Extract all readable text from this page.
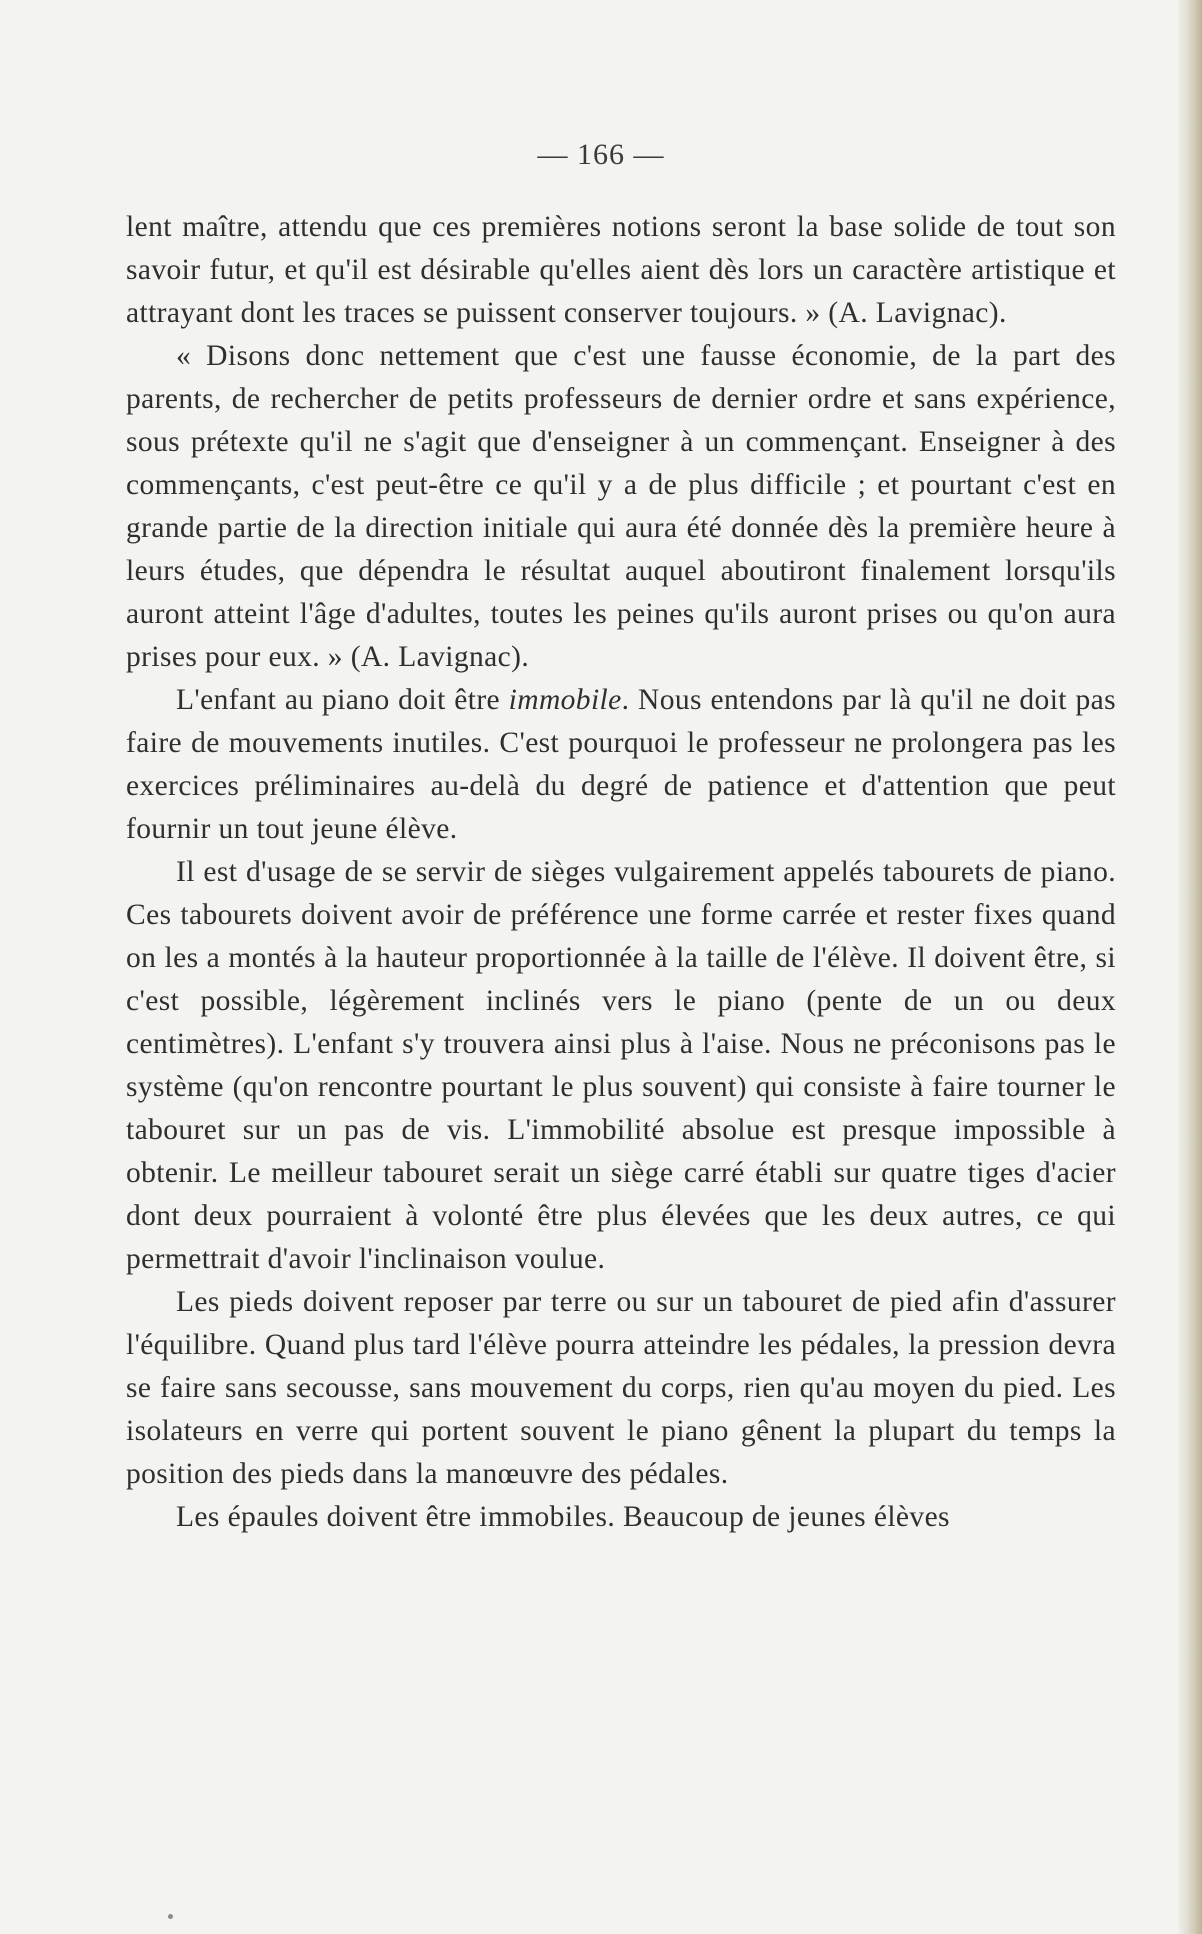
— 166 —

lent maître, attendu que ces premières notions seront la base solide de tout son savoir futur, et qu'il est désirable qu'elles aient dès lors un caractère artistique et attrayant dont les traces se puissent conserver toujours. » (A. Lavignac).

« Disons donc nettement que c'est une fausse économie, de la part des parents, de rechercher de petits professeurs de dernier ordre et sans expérience, sous prétexte qu'il ne s'agit que d'enseigner à un commençant. Enseigner à des commençants, c'est peut-être ce qu'il y a de plus difficile ; et pourtant c'est en grande partie de la direction initiale qui aura été donnée dès la première heure à leurs études, que dépendra le résultat auquel aboutiront finalement lorsqu'ils auront atteint l'âge d'adultes, toutes les peines qu'ils auront prises ou qu'on aura prises pour eux. » (A. Lavignac).

L'enfant au piano doit être immobile. Nous entendons par là qu'il ne doit pas faire de mouvements inutiles. C'est pourquoi le professeur ne prolongera pas les exercices préliminaires au-delà du degré de patience et d'attention que peut fournir un tout jeune élève.

Il est d'usage de se servir de sièges vulgairement appelés tabourets de piano. Ces tabourets doivent avoir de préférence une forme carrée et rester fixes quand on les a montés à la hauteur proportionnée à la taille de l'élève. Il doivent être, si c'est possible, légèrement inclinés vers le piano (pente de un ou deux centimètres). L'enfant s'y trouvera ainsi plus à l'aise. Nous ne préconisons pas le système (qu'on rencontre pourtant le plus souvent) qui consiste à faire tourner le tabouret sur un pas de vis. L'immobilité absolue est presque impossible à obtenir. Le meilleur tabouret serait un siège carré établi sur quatre tiges d'acier dont deux pourraient à volonté être plus élevées que les deux autres, ce qui permettrait d'avoir l'inclinaison voulue.

Les pieds doivent reposer par terre ou sur un tabouret de pied afin d'assurer l'équilibre. Quand plus tard l'élève pourra atteindre les pédales, la pression devra se faire sans secousse, sans mouvement du corps, rien qu'au moyen du pied. Les isolateurs en verre qui portent souvent le piano gênent la plupart du temps la position des pieds dans la manœuvre des pédales.

Les épaules doivent être immobiles. Beaucoup de jeunes élèves
